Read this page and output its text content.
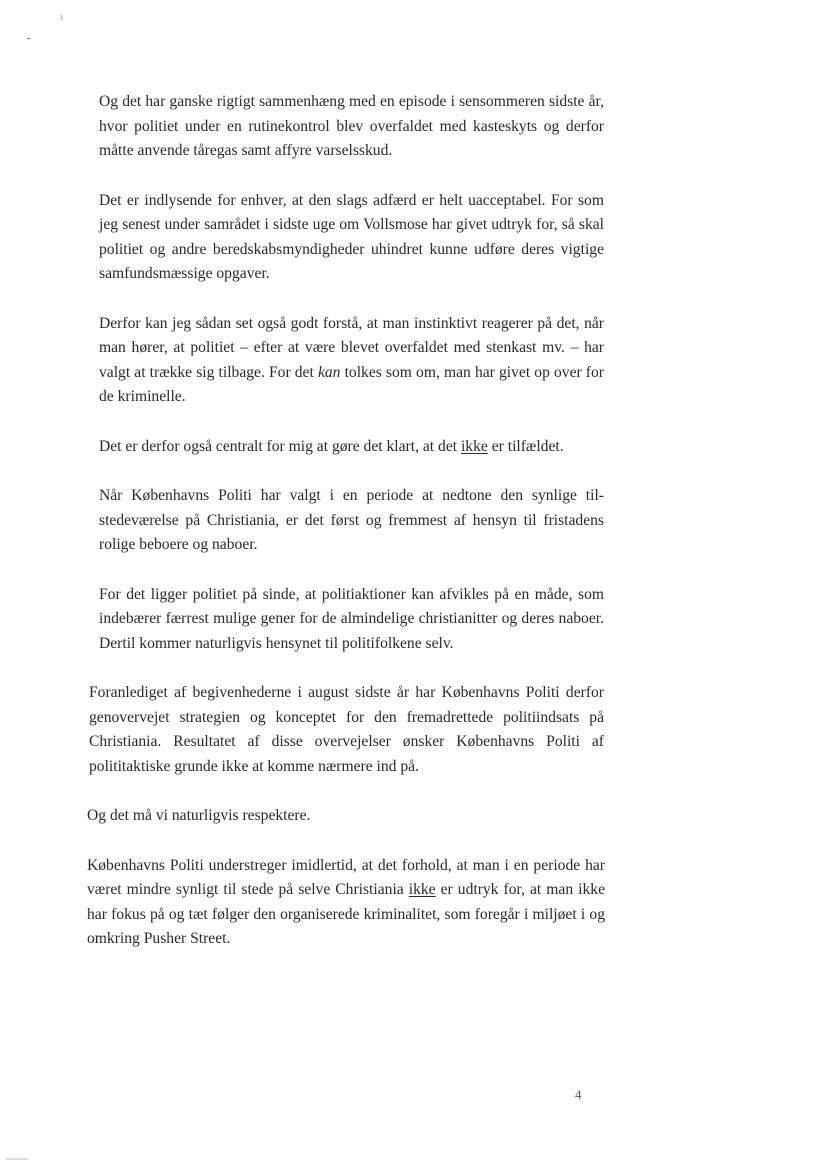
3

Og det har ganske rigtigt sammenhæng med en episode i sensommeren sidste år, hvor politiet under en rutinekontrol blev overfaldet med kasteskyts og derfor måtte anvende tåregas samt affyre varselsskud.

Det er indlysende for enhver, at den slags adfærd er helt uacceptabel. For som jeg senest under samrådet i sidste uge om Vollsmose har givet udtryk for, så skal politiet og andre beredskabsmyndigheder uhindret kunne udføre deres vigtige samfundsmæssige opgaver.

Derfor kan jeg sådan set også godt forstå, at man instinktivt reagerer på det, når man hører, at politiet – efter at være blevet overfaldet med stenkast mv. – har valgt at trække sig tilbage. For det kan tolkes som om, man har givet op over for de kriminelle.

Det er derfor også centralt for mig at gøre det klart, at det ikke er tilfældet.

Når Københavns Politi har valgt i en periode at nedtone den synlige tilstedeværelse på Christiania, er det først og fremmest af hensyn til fristadens rolige beboere og naboer.

For det ligger politiet på sinde, at politiaktioner kan afvikles på en måde, som indebærer færrest mulige gener for de almindelige christianitter og deres naboer. Dertil kommer naturligvis hensynet til politifolkene selv.

Foranlediget af begivenhederne i august sidste år har Københavns Politi derfor genovervejet strategien og konceptet for den fremadrettede politiindsats på Christiania. Resultatet af disse overvejelser ønsker Københavns Politi af polititaktiske grunde ikke at komme nærmere ind på.

Og det må vi naturligvis respektere.

Københavns Politi understreger imidlertid, at det forhold, at man i en periode har været mindre synligt til stede på selve Christiania ikke er udtryk for, at man ikke har fokus på og tæt følger den organiserede kriminalitet, som foregår i miljøet i og omkring Pusher Street.

4
